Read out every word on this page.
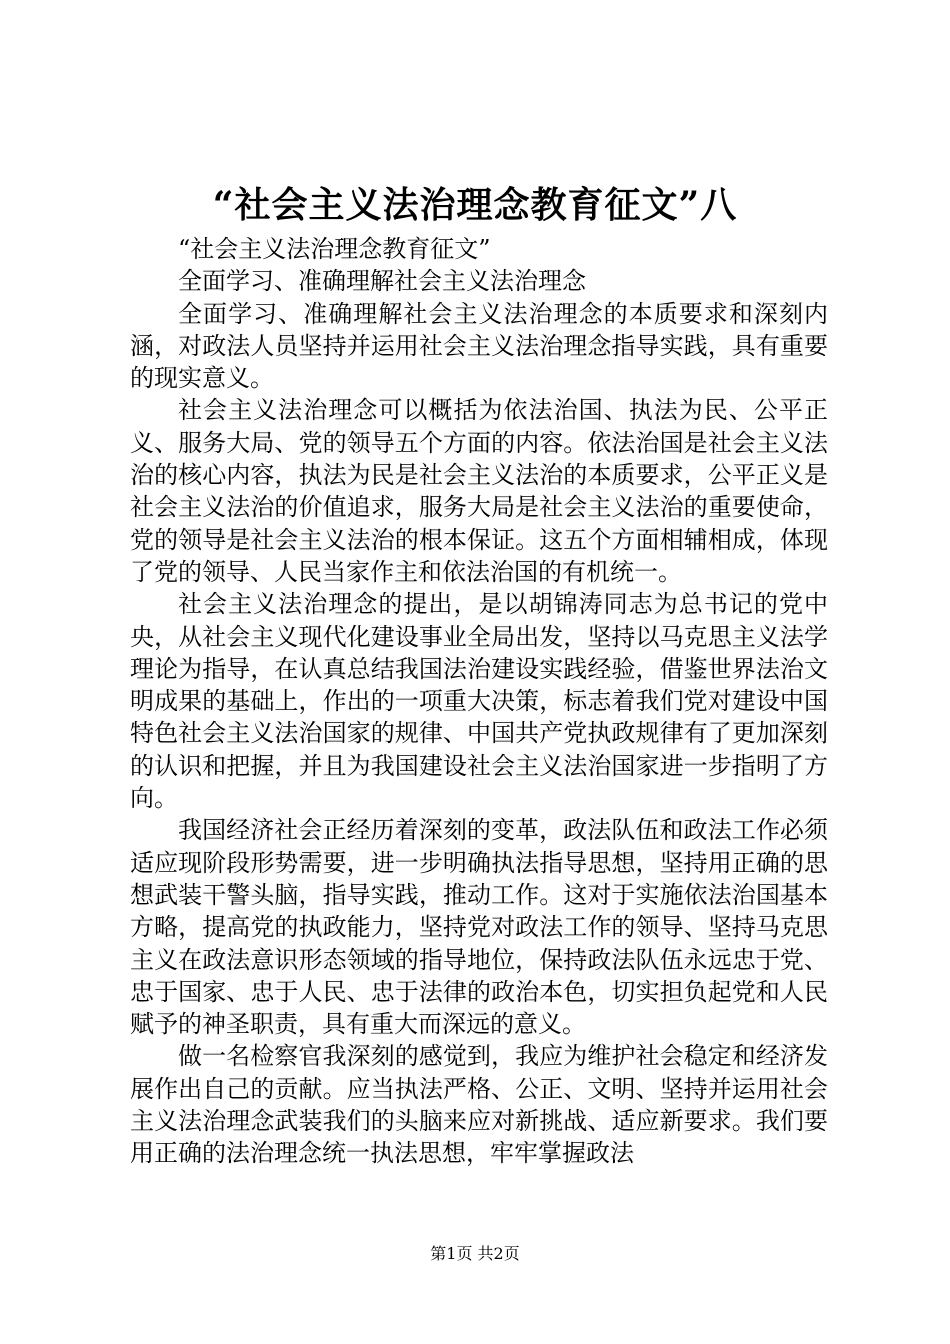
“社会主义法治理念教育征文”八

“社会主义法治理念教育征文”

全面学习、准确理解社会主义法治理念

全面学习、准确理解社会主义法治理念的本质要求和深刻内涵，对政法人员坚持并运用社会主义法治理念指导实践，具有重要的现实意义。

社会主义法治理念可以概括为依法治国、执法为民、公平正义、服务大局、党的领导五个方面的内容。依法治国是社会主义法治的核心内容，执法为民是社会主义法治的本质要求，公平正义是社会主义法治的价值追求，服务大局是社会主义法治的重要使命，党的领导是社会主义法治的根本保证。这五个方面相辅相成，体现了党的领导、人民当家作主和依法治国的有机统一。

社会主义法治理念的提出，是以胡锦涛同志为总书记的党中央，从社会主义现代化建设事业全局出发，坚持以马克思主义法学理论为指导，在认真总结我国法治建设实践经验，借鉴世界法治文明成果的基础上，作出的一项重大决策，标志着我们党对建设中国特色社会主义法治国家的规律、中国共产党执政规律有了更加深刻的认识和把握，并且为我国建设社会主义法治国家进一步指明了方向。

我国经济社会正经历着深刻的变革，政法队伍和政法工作必须适应现阶段形势需要，进一步明确执法指导思想，坚持用正确的思想武装干警头脑，指导实践，推动工作。这对于实施依法治国基本方略，提高党的执政能力，坚持党对政法工作的领导、坚持马克思主义在政法意识形态领域的指导地位，保持政法队伍永远忠于党、忠于国家、忠于人民、忠于法律的政治本色，切实担负起党和人民赋予的神圣职责，具有重大而深远的意义。

做一名检察官我深刻的感觉到，我应为维护社会稳定和经济发展作出自己的贡献。应当执法严格、公正、文明、坚持并运用社会主义法治理念武装我们的头脑来应对新挑战、适应新要求。我们要用正确的法治理念统一执法思想，牢牢掌握政法

第1页 共2页
